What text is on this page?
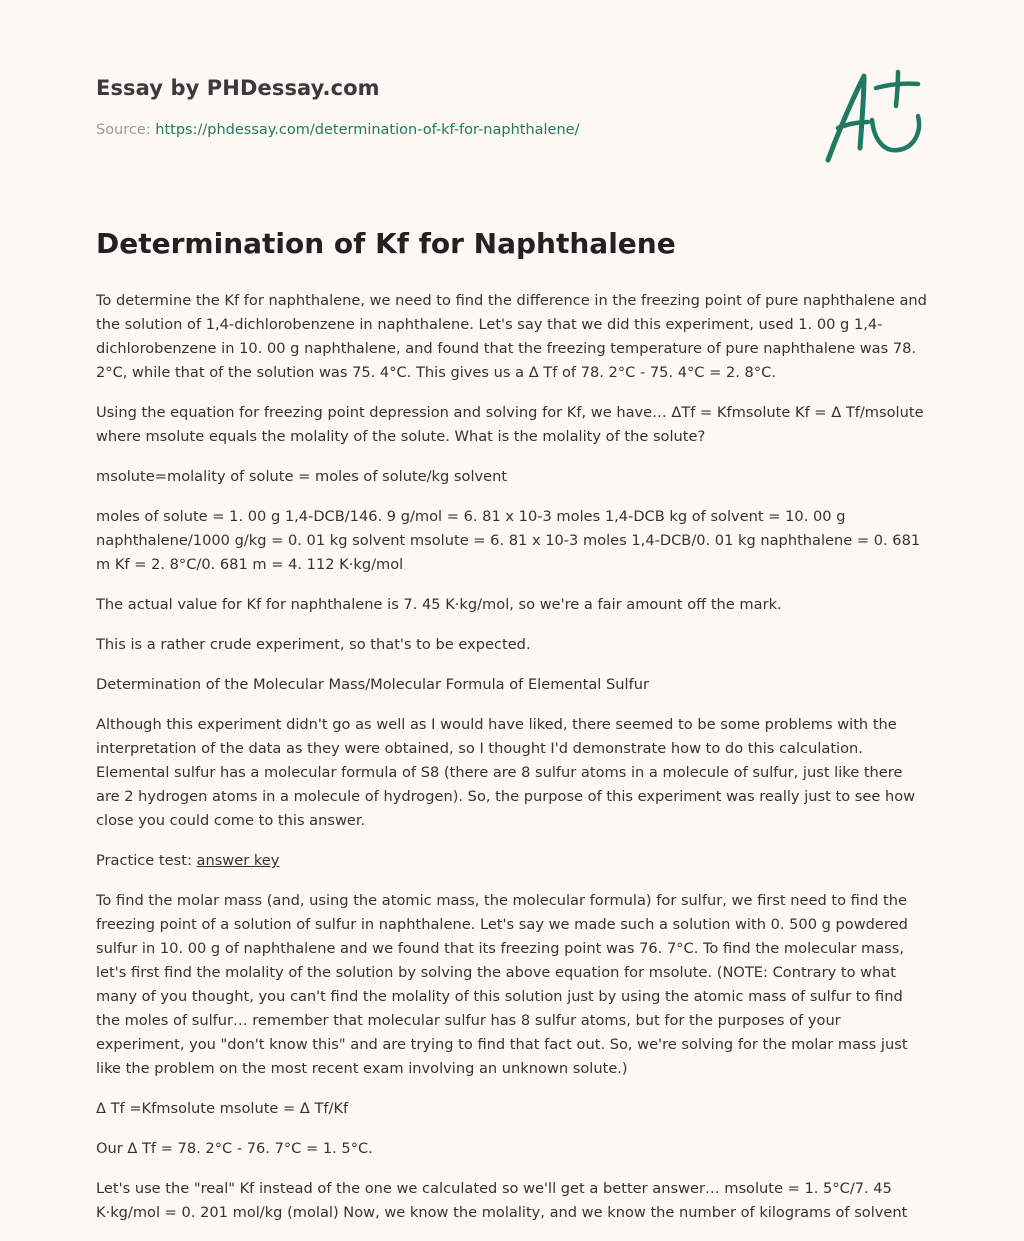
Essay by PHDessay.com
Source: https://phdessay.com/determination-of-kf-for-naphthalene/
Determination of Kf for Naphthalene

To determine the Kf for naphthalene, we need to find the difference in the freezing point of pure naphthalene and the solution of 1,4-dichlorobenzene in naphthalene. Let's say that we did this experiment, used 1. 00 g 1,4-dichlorobenzene in 10. 00 g naphthalene, and found that the freezing temperature of pure naphthalene was 78. 2°C, while that of the solution was 75. 4°C. This gives us a Δ Tf of 78. 2°C - 75. 4°C = 2. 8°C.

Using the equation for freezing point depression and solving for Kf, we have… ΔTf = Kfmsolute Kf = Δ Tf/msolute where msolute equals the molality of the solute. What is the molality of the solute?

msolute=molality of solute = moles of solute/kg solvent

moles of solute = 1. 00 g 1,4-DCB/146. 9 g/mol = 6. 81 x 10-3 moles 1,4-DCB kg of solvent = 10. 00 g naphthalene/1000 g/kg = 0. 01 kg solvent msolute = 6. 81 x 10-3 moles 1,4-DCB/0. 01 kg naphthalene = 0. 681 m Kf = 2. 8°C/0. 681 m = 4. 112 K·kg/mol

The actual value for Kf for naphthalene is 7. 45 K·kg/mol, so we're a fair amount off the mark.

This is a rather crude experiment, so that's to be expected.

Determination of the Molecular Mass/Molecular Formula of Elemental Sulfur

Although this experiment didn't go as well as I would have liked, there seemed to be some problems with the interpretation of the data as they were obtained, so I thought I'd demonstrate how to do this calculation. Elemental sulfur has a molecular formula of S8 (there are 8 sulfur atoms in a molecule of sulfur, just like there are 2 hydrogen atoms in a molecule of hydrogen). So, the purpose of this experiment was really just to see how close you could come to this answer.

Practice test: answer key

To find the molar mass (and, using the atomic mass, the molecular formula) for sulfur, we first need to find the freezing point of a solution of sulfur in naphthalene. Let's say we made such a solution with 0. 500 g powdered sulfur in 10. 00 g of naphthalene and we found that its freezing point was 76. 7°C. To find the molecular mass, let's first find the molality of the solution by solving the above equation for msolute. (NOTE: Contrary to what many of you thought, you can't find the molality of this solution just by using the atomic mass of sulfur to find the moles of sulfur… remember that molecular sulfur has 8 sulfur atoms, but for the purposes of your experiment, you "don't know this" and are trying to find that fact out. So, we're solving for the molar mass just like the problem on the most recent exam involving an unknown solute.)

Δ Tf =Kfmsolute msolute = Δ Tf/Kf

Our Δ Tf = 78. 2°C - 76. 7°C = 1. 5°C.

Let's use the "real" Kf instead of the one we calculated so we'll get a better answer… msolute = 1. 5°C/7. 45 K·kg/mol = 0. 201 mol/kg (molal) Now, we know the molality, and we know the number of kilograms of solvent
